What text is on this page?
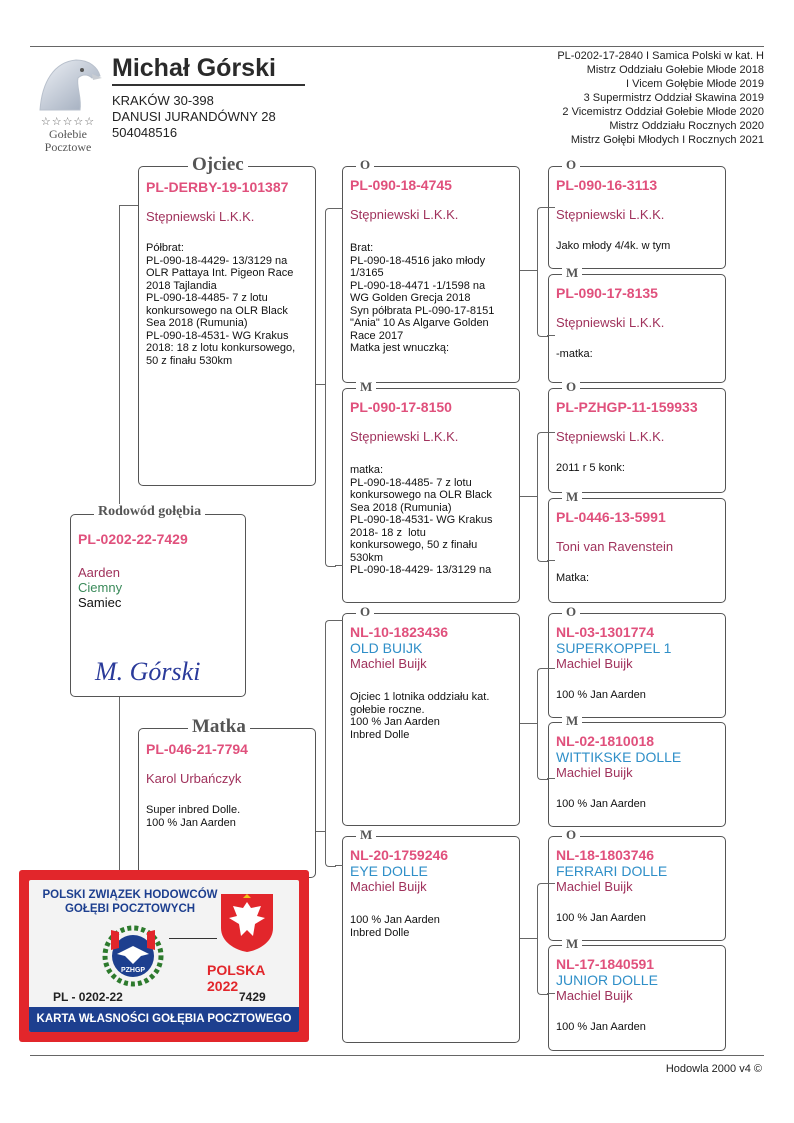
☆☆☆☆☆
Gołebie
Pocztowe
Michał Górski
KRAKÓW 30-398
DANUSI JURANDÓWNY 28
504048516
PL-0202-17-2840 I Samica Polski w kat. H
Mistrz Oddziału Gołebie Młode 2018
I Vicem Gołębie Młode 2019
3 Supermistrz Oddział Skawina 2019
2 Vicemistrz Oddział Gołebie Młode 2020
Mistrz Oddziału Rocznych 2020
Mistrz Gołębi Młodych I Rocznych 2021
PL-0202-22-7429
Aarden
Ciemny
Samiec
M. Górski
Rodowód gołębia
PL-DERBY-19-101387
Stępniewski L.K.K.
Półbrat:
PL-090-18-4429- 13/3129 na
OLR Pattaya Int. Pigeon Race
2018 Tajlandia
PL-090-18-4485- 7 z lotu
konkursowego na OLR Black
Sea 2018 (Rumunia)
PL-090-18-4531- WG Krakus
2018: 18 z lotu konkursowego,
50 z finału 530km
Ojciec
PL-046-21-7794
Karol Urbańczyk
Super inbred Dolle.
100 % Jan Aarden
Matka
PL-090-18-4745
Stępniewski L.K.K.
Brat:
PL-090-18-4516 jako młody
1/3165
PL-090-18-4471 -1/1598 na
WG Golden Grecja 2018
Syn półbrata PL-090-17-8151
"Ania" 10 As Algarve Golden
Race 2017
Matka jest wnuczką:
O
PL-090-17-8150
Stępniewski L.K.K.
matka:
PL-090-18-4485- 7 z lotu
konkursowego na OLR Black
Sea 2018 (Rumunia)
PL-090-18-4531- WG Krakus
2018- 18 z  lotu
konkursowego, 50 z finału
530km
PL-090-18-4429- 13/3129 na
M
NL-10-1823436
OLD BUIJK
Machiel Buijk
Ojciec 1 lotnika oddziału kat.
gołebie roczne.
100 % Jan Aarden
Inbred Dolle
O
NL-20-1759246
EYE DOLLE
Machiel Buijk
100 % Jan Aarden
Inbred Dolle
M
PL-090-16-3113
Stępniewski L.K.K.
Jako młody 4/4k. w tym
O
PL-090-17-8135
Stępniewski L.K.K.
-matka:
M
PL-PZHGP-11-159933
Stępniewski L.K.K.
2011 r 5 konk:
O
PL-0446-13-5991
Toni van Ravenstein
Matka:
M
NL-03-1301774
SUPERKOPPEL 1
Machiel Buijk
100 % Jan Aarden
O
NL-02-1810018
WITTIKSKE DOLLE
Machiel Buijk
100 % Jan Aarden
M
NL-18-1803746
FERRARI DOLLE
Machiel Buijk
100 % Jan Aarden
O
NL-17-1840591
JUNIOR DOLLE
Machiel Buijk
100 % Jan Aarden
M
POLSKI ZWIĄZEK HODOWCÓW
GOŁĘBI POCZTOWYCH
PZHGP	POLSKA 2022
PL - 0202-22	7429
KARTA WŁASNOŚCI GOŁĘBIA POCZTOWEGO
Hodowla 2000 v4 ©
